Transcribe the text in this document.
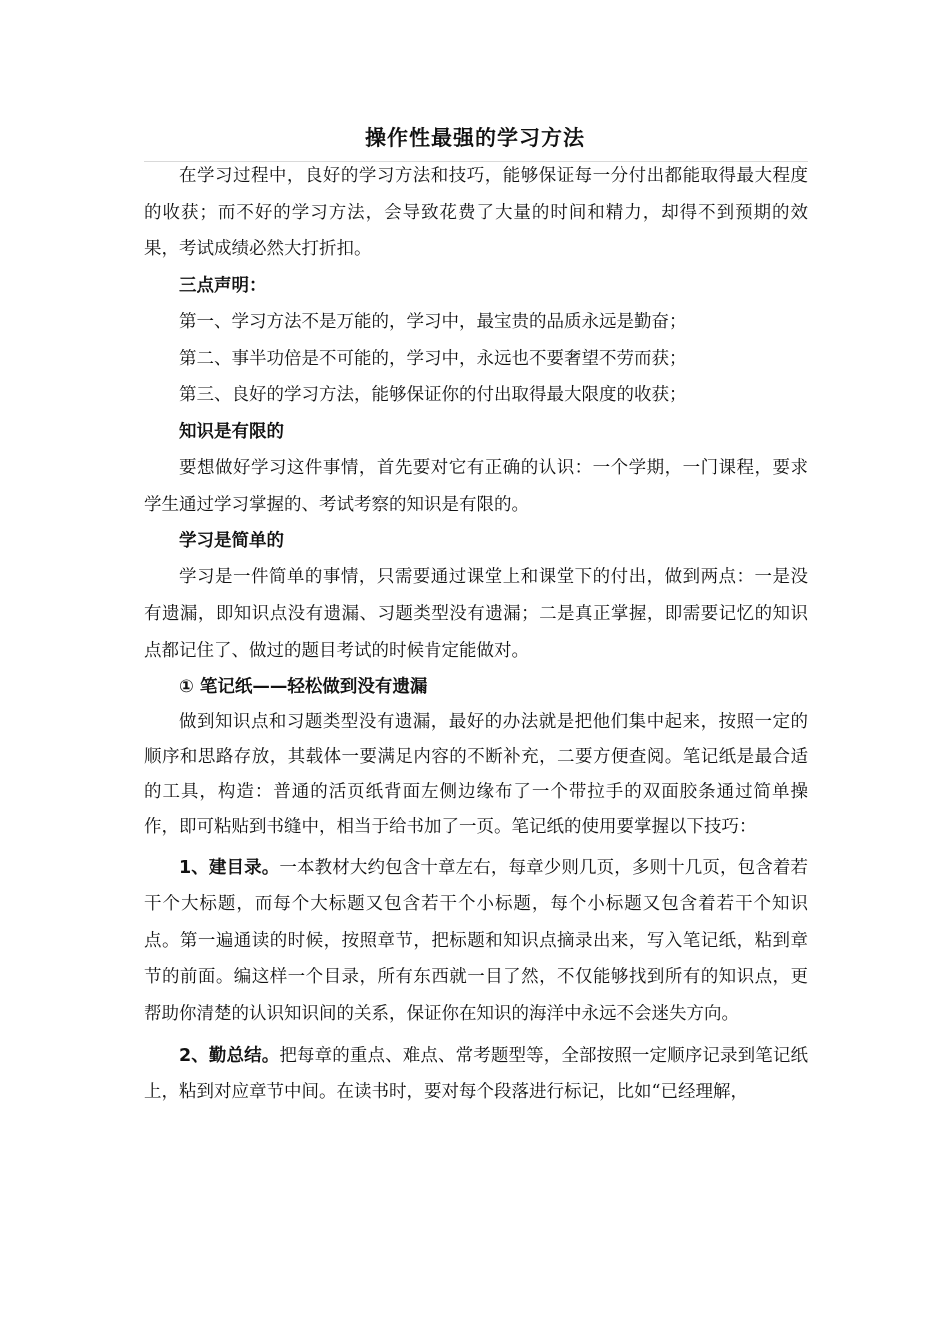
操作性最强的学习方法

在学习过程中，良好的学习方法和技巧，能够保证每一分付出都能取得最大程度的收获；而不好的学习方法，会导致花费了大量的时间和精力，却得不到预期的效果，考试成绩必然大打折扣。

三点声明：

第一、学习方法不是万能的，学习中，最宝贵的品质永远是勤奋；

第二、事半功倍是不可能的，学习中，永远也不要奢望不劳而获；

第三、良好的学习方法，能够保证你的付出取得最大限度的收获；

知识是有限的

要想做好学习这件事情，首先要对它有正确的认识：一个学期，一门课程，要求学生通过学习掌握的、考试考察的知识是有限的。

学习是简单的

学习是一件简单的事情，只需要通过课堂上和课堂下的付出，做到两点：一是没有遗漏，即知识点没有遗漏、习题类型没有遗漏；二是真正掌握，即需要记忆的知识点都记住了、做过的题目考试的时候肯定能做对。

① 笔记纸——轻松做到没有遗漏

做到知识点和习题类型没有遗漏，最好的办法就是把他们集中起来，按照一定的顺序和思路存放，其载体一要满足内容的不断补充，二要方便查阅。笔记纸是最合适的工具，构造：普通的活页纸背面左侧边缘布了一个带拉手的双面胶条通过简单操作，即可粘贴到书缝中，相当于给书加了一页。笔记纸的使用要掌握以下技巧：

1、建目录。一本教材大约包含十章左右，每章少则几页，多则十几页，包含着若干个大标题，而每个大标题又包含若干个小标题，每个小标题又包含着若干个知识点。第一遍通读的时候，按照章节，把标题和知识点摘录出来，写入笔记纸，粘到章节的前面。编这样一个目录，所有东西就一目了然，不仅能够找到所有的知识点，更帮助你清楚的认识知识间的关系，保证你在知识的海洋中永远不会迷失方向。

2、勤总结。把每章的重点、难点、常考题型等，全部按照一定顺序记录到笔记纸上，粘到对应章节中间。在读书时，要对每个段落进行标记，比如“已经理解，
